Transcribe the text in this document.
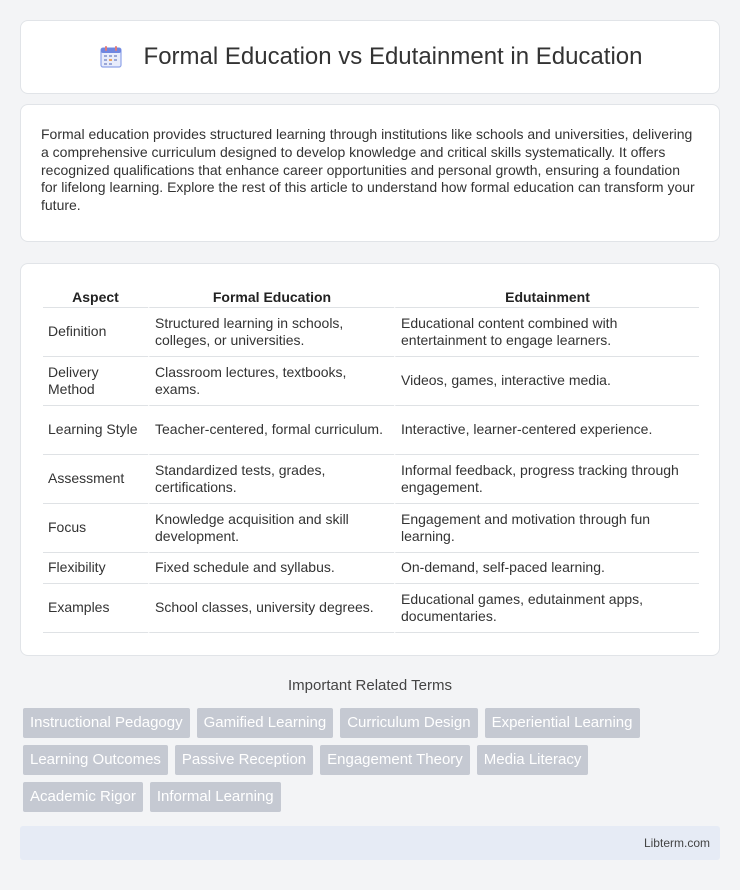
Formal Education vs Edutainment in Education

Formal education provides structured learning through institutions like schools and universities, delivering a comprehensive curriculum designed to develop knowledge and critical skills systematically. It offers recognized qualifications that enhance career opportunities and personal growth, ensuring a foundation for lifelong learning. Explore the rest of this article to understand how formal education can transform your future.

Aspect	Formal Education	Edutainment
Definition	Structured learning in schools, colleges, or universities.	Educational content combined with entertainment to engage learners.
Delivery Method	Classroom lectures, textbooks, exams.	Videos, games, interactive media.
Learning Style	Teacher-centered, formal curriculum.	Interactive, learner-centered experience.
Assessment	Standardized tests, grades, certifications.	Informal feedback, progress tracking through engagement.
Focus	Knowledge acquisition and skill development.	Engagement and motivation through fun learning.
Flexibility	Fixed schedule and syllabus.	On-demand, self-paced learning.
Examples	School classes, university degrees.	Educational games, edutainment apps, documentaries.
Important Related Terms
Instructional Pedagogy	Gamified Learning	Curriculum Design	Experiential Learning
Learning Outcomes	Passive Reception	Engagement Theory	Media Literacy
Academic Rigor	Informal Learning
Libterm.com
